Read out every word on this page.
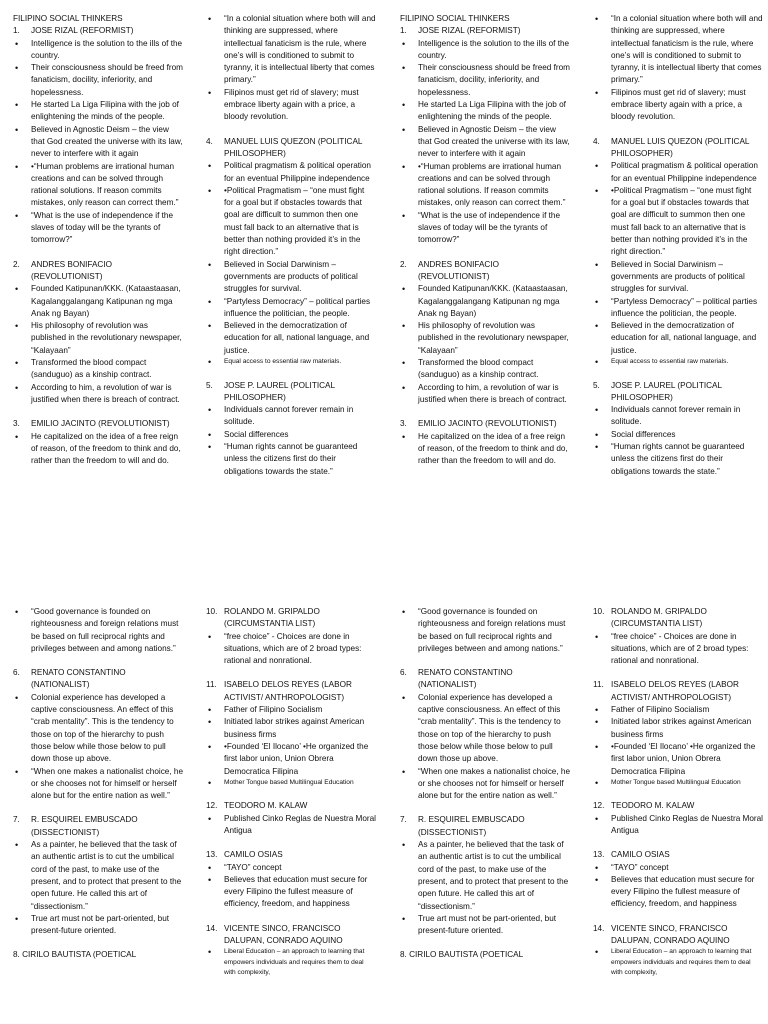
FILIPINO SOCIAL THINKERS
1. JOSE RIZAL (REFORMIST)
• Intelligence is the solution to the ills of the country.
• Their consciousness should be freed from fanaticism, docility, inferiority, and hopelessness.
• He started La Liga Filipina with the job of enlightening the minds of the people.
• Believed in Agnostic Deism – the view that God created the universe with its law, never to interfere with it again
• •“Human problems are irrational human creations and can be solved through rational solutions. If reason commits mistakes, only reason can correct them.”
• “What is the use of independence if the slaves of today will be the tyrants of tomorrow?”
2. ANDRES BONIFACIO (REVOLUTIONIST)
• Founded Katipunan/KKK. (Kataastaasan, Kagalanggalangang Katipunan ng mga Anak ng Bayan)
• His philosophy of revolution was published in the revolutionary newspaper, “Kalayaan”
• Transformed the blood compact (sanduguo) as a kinship contract.
• According to him, a revolution of war is justified when there is breach of contract.
3. EMILIO JACINTO (REVOLUTIONIST)
• He capitalized on the idea of a free reign of reason, of the freedom to think and do, rather than the freedom to will and do.
• “In a colonial situation where both will and thinking are suppressed, where intellectual fanaticism is the rule, where one’s will is conditioned to submit to tyranny, it is intellectual liberty that comes primary.”
• Filipinos must get rid of slavery; must embrace liberty again with a price, a bloody revolution.
4. MANUEL LUIS QUEZON (POLITICAL PHILOSOPHER)
• Political pragmatism & political operation for an eventual Philippine independence
• •Political Pragmatism – “one must fight for a goal but if obstacles towards that goal are difficult to summon then one must fall back to an alternative that is better than nothing provided it’s in the right direction.”
• Believed in Social Darwinism – governments are products of political struggles for survival.
• “Partyless Democracy” – political parties influence the politician, the people.
• Believed in the democratization of education for all, national language, and justice.
• Equal access to essential raw materials.
5. JOSE P. LAUREL (POLITICAL PHILOSOPHER)
• Individuals cannot forever remain in solitude.
• Social differences
• “Human rights cannot be guaranteed unless the citizens first do their obligations towards the state.”
FILIPINO SOCIAL THINKERS
1. JOSE RIZAL (REFORMIST)
• Intelligence is the solution to the ills of the country.
• Their consciousness should be freed from fanaticism, docility, inferiority, and hopelessness.
• He started La Liga Filipina with the job of enlightening the minds of the people.
• Believed in Agnostic Deism – the view that God created the universe with its law, never to interfere with it again
• •“Human problems are irrational human creations and can be solved through rational solutions. If reason commits mistakes, only reason can correct them.”
• “What is the use of independence if the slaves of today will be the tyrants of tomorrow?”
2. ANDRES BONIFACIO (REVOLUTIONIST)
• Founded Katipunan/KKK. (Kataastaasan, Kagalanggalangang Katipunan ng mga Anak ng Bayan)
• His philosophy of revolution was published in the revolutionary newspaper, “Kalayaan”
• Transformed the blood compact (sanduguo) as a kinship contract.
• According to him, a revolution of war is justified when there is breach of contract.
3. EMILIO JACINTO (REVOLUTIONIST)
• He capitalized on the idea of a free reign of reason, of the freedom to think and do, rather than the freedom to will and do.
• “In a colonial situation where both will and thinking are suppressed, where intellectual fanaticism is the rule, where one’s will is conditioned to submit to tyranny, it is intellectual liberty that comes primary.”
• Filipinos must get rid of slavery; must embrace liberty again with a price, a bloody revolution.
4. MANUEL LUIS QUEZON (POLITICAL PHILOSOPHER)
• Political pragmatism & political operation for an eventual Philippine independence
• •Political Pragmatism – “one must fight for a goal but if obstacles towards that goal are difficult to summon then one must fall back to an alternative that is better than nothing provided it’s in the right direction.”
• Believed in Social Darwinism – governments are products of political struggles for survival.
• “Partyless Democracy” – political parties influence the politician, the people.
• Believed in the democratization of education for all, national language, and justice.
• Equal access to essential raw materials.
5. JOSE P. LAUREL (POLITICAL PHILOSOPHER)
• Individuals cannot forever remain in solitude.
• Social differences
• “Human rights cannot be guaranteed unless the citizens first do their obligations towards the state.”
• “Good governance is founded on righteousness and foreign relations must be based on full reciprocal rights and privileges between and among nations.”
6. RENATO CONSTANTINO (NATIONALIST)
• Colonial experience has developed a captive consciousness. An effect of this “crab mentality”. This is the tendency to those on top of the hierarchy to push those below while those below to pull down those up above.
• “When one makes a nationalist choice, he or she chooses not for himself or herself alone but for the entire nation as well.”
7. R. ESQUIREL EMBUSCADO (DISSECTIONIST)
• As a painter, he believed that the task of an authentic artist is to cut the umbilical cord of the past, to make use of the present, and to protect that present to the open future. He called this art of “dissectionism.”
• True art must not be part-oriented, but present-future oriented.
8. CIRILO BAUTISTA (POETICAL
10. ROLANDO M. GRIPALDO (CIRCUMSTANTIA LIST)
• “free choice” - Choices are done in situations, which are of 2 broad types: rational and nonrational.
11. ISABELO DELOS REYES (LABOR ACTIVIST/ ANTHROPOLOGIST)
• Father of Filipino Socialism
• Initiated labor strikes against American business firms
• •Founded ‘El Ilocano’ •He organized the first labor union, Union Obrera Democratica Filipina
• Mother Tongue based Multilingual Education
12. TEODORO M. KALAW
• Published Cinko Reglas de Nuestra Moral Antigua
13. CAMILO OSIAS
• “TAYO” concept
• Believes that education must secure for every Filipino the fullest measure of efficiency, freedom, and happiness
14. VICENTE SINCO, FRANCISCO DALUPAN, CONRADO AQUINO
• Liberal Education – an approach to learning that empowers individuals and requires them to deal with complexity,
• “Good governance is founded on righteousness and foreign relations must be based on full reciprocal rights and privileges between and among nations.”
6. RENATO CONSTANTINO (NATIONALIST)
• Colonial experience has developed a captive consciousness. An effect of this “crab mentality”. This is the tendency to those on top of the hierarchy to push those below while those below to pull down those up above.
• “When one makes a nationalist choice, he or she chooses not for himself or herself alone but for the entire nation as well.”
7. R. ESQUIREL EMBUSCADO (DISSECTIONIST)
• As a painter, he believed that the task of an authentic artist is to cut the umbilical cord of the past, to make use of the present, and to protect that present to the open future. He called this art of “dissectionism.”
• True art must not be part-oriented, but present-future oriented.
8. CIRILO BAUTISTA (POETICAL
10. ROLANDO M. GRIPALDO (CIRCUMSTANTIA LIST)
• “free choice” - Choices are done in situations, which are of 2 broad types: rational and nonrational.
11. ISABELO DELOS REYES (LABOR ACTIVIST/ ANTHROPOLOGIST)
• Father of Filipino Socialism
• Initiated labor strikes against American business firms
• •Founded ‘El Ilocano’ •He organized the first labor union, Union Obrera Democratica Filipina
• Mother Tongue based Multilingual Education
12. TEODORO M. KALAW
• Published Cinko Reglas de Nuestra Moral Antigua
13. CAMILO OSIAS
• “TAYO” concept
• Believes that education must secure for every Filipino the fullest measure of efficiency, freedom, and happiness
14. VICENTE SINCO, FRANCISCO DALUPAN, CONRADO AQUINO
• Liberal Education – an approach to learning that empowers individuals and requires them to deal with complexity,
